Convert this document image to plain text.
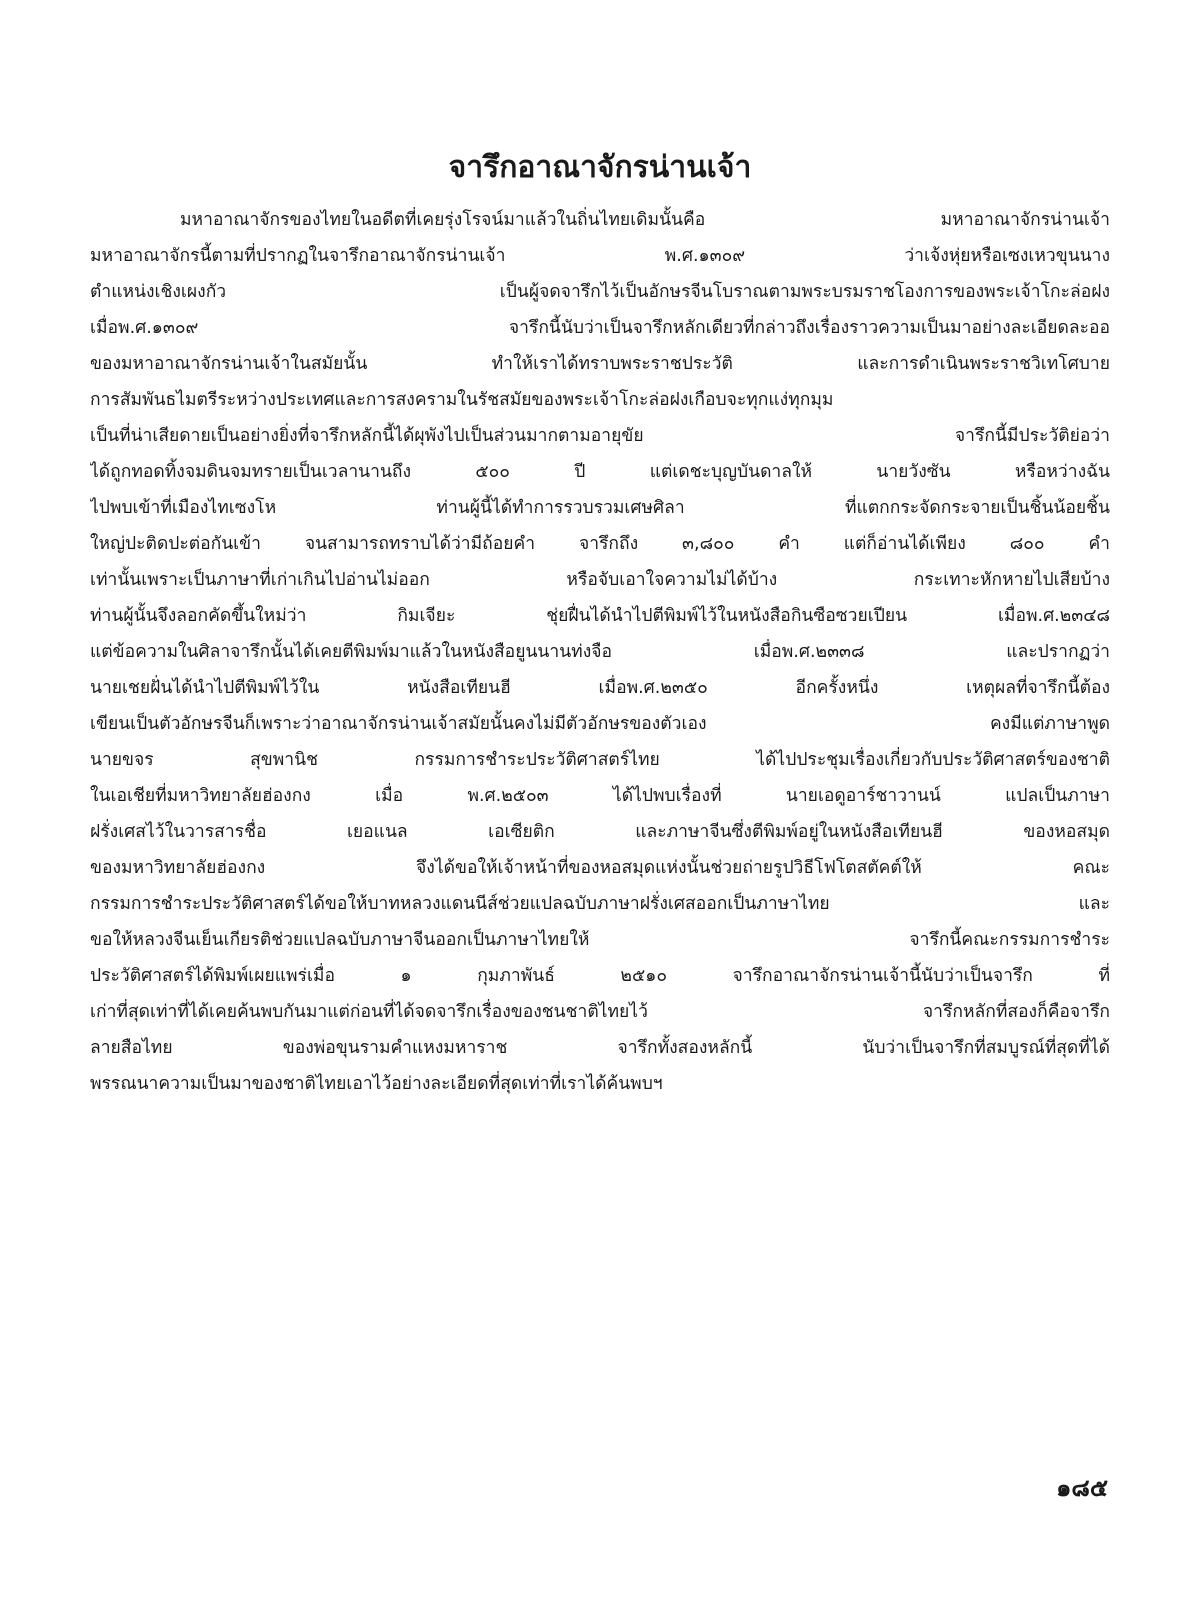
จารึกอาณาจักรน่านเจ้า
มหาอาณาจักรของไทยในอดีตที่เคยรุ่งโรจน์มาแล้วในถิ่นไทยเดิมนั้นคือ มหาอาณาจักรน่านเจ้า
มหาอาณาจักรนี้ตามที่ปรากฏในจารึกอาณาจักรน่านเจ้า พ.ศ.๑๓๐๙ ว่าเจ้งหุ่ยหรือเซงเหวขุนนาง
ตำแหน่งเชิงเผงกัว เป็นผู้จดจารึกไว้เป็นอักษรจีนโบราณตามพระบรมราชโองการของพระเจ้าโกะล่อฝง
เมื่อพ.ศ.๑๓๐๙ จารึกนี้นับว่าเป็นจารึกหลักเดียวที่กล่าวถึงเรื่องราวความเป็นมาอย่างละเอียดละออ
ของมหาอาณาจักรน่านเจ้าในสมัยนั้น ทำให้เราได้ทราบพระราชประวัติ และการดำเนินพระราชวิเทโศบาย
การสัมพันธไมตรีระหว่างประเทศและการสงครามในรัชสมัยของพระเจ้าโกะล่อฝงเกือบจะทุกแง่ทุกมุม
เป็นที่น่าเสียดายเป็นอย่างยิ่งที่จารึกหลักนี้ได้ผุพังไปเป็นส่วนมากตามอายุขัย จารึกนี้มีประวัติย่อว่า
ได้ถูกทอดทิ้งจมดินจมทรายเป็นเวลานานถึง ๕๐๐ ปี แต่เดชะบุญบันดาลให้ นายวังซัน หรือหว่างฉัน
ไปพบเข้าที่เมืองไทเซงโห ท่านผู้นี้ได้ทำการรวบรวมเศษศิลา ที่แตกกระจัดกระจายเป็นชิ้นน้อยชิ้น
ใหญ่ปะติดปะต่อกันเข้า จนสามารถทราบได้ว่ามีถ้อยคำ จารึกถึง ๓,๘๐๐ คำ แต่ก็อ่านได้เพียง ๘๐๐ คำ
เท่านั้นเพราะเป็นภาษาที่เก่าเกินไปอ่านไม่ออก หรือจับเอาใจความไม่ได้บ้าง กระเทาะหักหายไปเสียบ้าง
ท่านผู้นั้นจึงลอกคัดขึ้นใหม่ว่า กิมเจียะ ชุ่ยฝื่นได้นำไปตีพิมพ์ไว้ในหนังสือกินซือซวยเปียน เมื่อพ.ศ.๒๓๔๘
แต่ข้อความในศิลาจารึกนั้นได้เคยตีพิมพ์มาแล้วในหนังสือยูนนานท่งจือ เมื่อพ.ศ.๒๓๓๘ และปรากฏว่า
นายเชยฝั่นได้นำไปตีพิมพ์ไว้ใน หนังสือเทียนฮี เมื่อพ.ศ.๒๓๕๐ อีกครั้งหนึ่ง เหตุผลที่จารึกนี้ต้อง
เขียนเป็นตัวอักษรจีนก็เพราะว่าอาณาจักรน่านเจ้าสมัยนั้นคงไม่มีตัวอักษรของตัวเอง คงมีแต่ภาษาพูด
นายขจร สุขพานิช กรรมการชำระประวัติศาสตร์ไทย ได้ไปประชุมเรื่องเกี่ยวกับประวัติศาสตร์ของชาติ
ในเอเชียที่มหาวิทยาลัยฮ่องกง เมื่อ พ.ศ.๒๕๐๓ ได้ไปพบเรื่องที่ นายเอดูอาร์ชาวานน์ แปลเป็นภาษา
ฝรั่งเศสไว้ในวารสารชื่อ เยอแนล เอเซียติก และภาษาจีนซึ่งตีพิมพ์อยู่ในหนังสือเทียนฮี ของหอสมุด
ของมหาวิทยาลัยฮ่องกง จึงได้ขอให้เจ้าหน้าที่ของหอสมุดแห่งนั้นช่วยถ่ายรูปวิธีโฟโตสตัคต์ให้ คณะ
กรรมการชำระประวัติศาสตร์ได้ขอให้บาทหลวงแดนนีส์ช่วยแปลฉบับภาษาฝรั่งเศสออกเป็นภาษาไทย และ
ขอให้หลวงจีนเย็นเกียรติช่วยแปลฉบับภาษาจีนออกเป็นภาษาไทยให้ จารึกนี้คณะกรรมการชำระ
ประวัติศาสตร์ได้พิมพ์เผยแพร่เมื่อ ๑ กุมภาพันธ์ ๒๕๑๐ จารึกอาณาจักรน่านเจ้านี้นับว่าเป็นจารึก ที่
เก่าที่สุดเท่าที่ได้เคยค้นพบกันมาแต่ก่อนที่ได้จดจารึกเรื่องของชนชาติไทยไว้ จารึกหลักที่สองก็คือจารึก
ลายสือไทย ของพ่อขุนรามคำแหงมหาราช จารึกทั้งสองหลักนี้ นับว่าเป็นจารึกที่สมบูรณ์ที่สุดที่ได้
พรรณนาความเป็นมาของชาติไทยเอาไว้อย่างละเอียดที่สุดเท่าที่เราได้ค้นพบฯ
๑๘๕
